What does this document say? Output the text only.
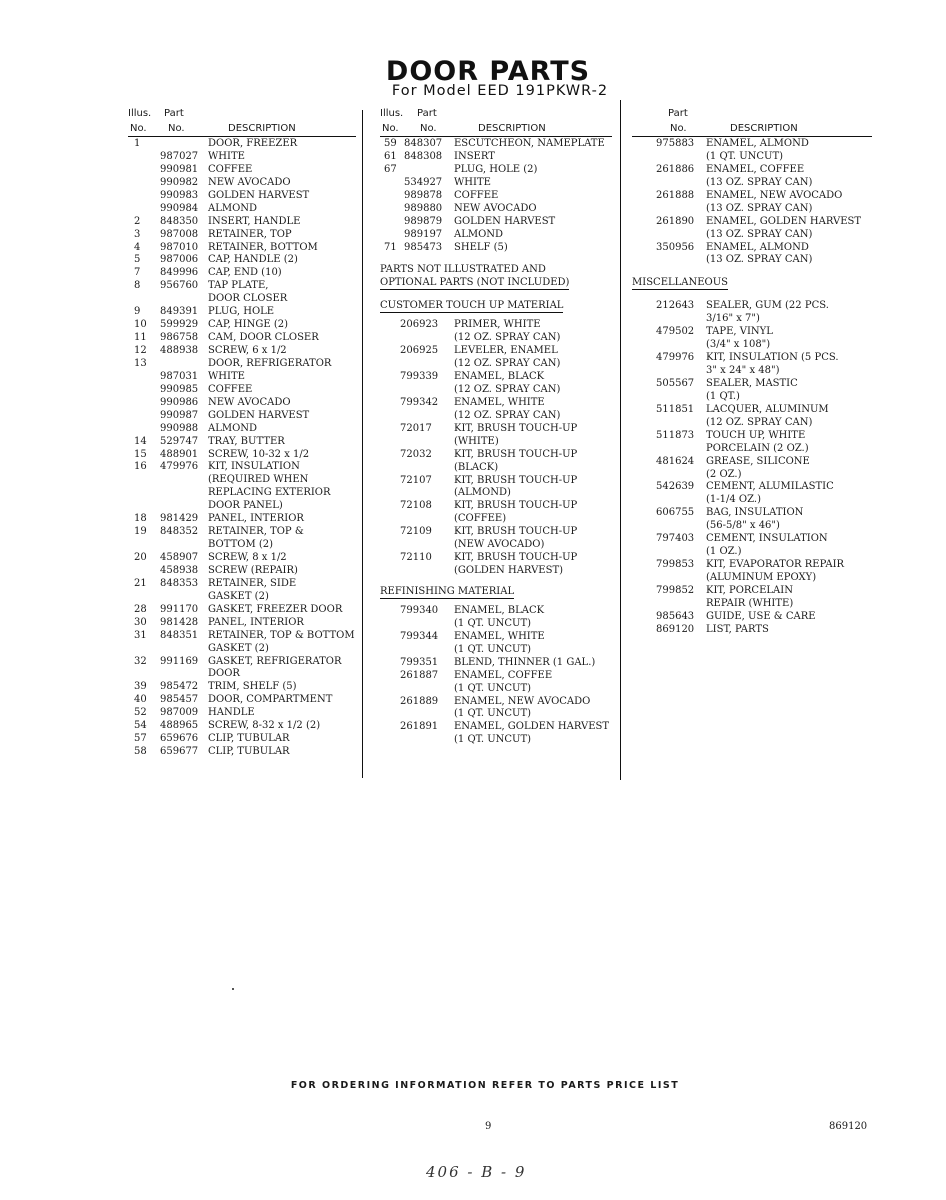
DOOR PARTS
For Model EED 191PKWR-2
Illus. Part
No. No.	DESCRIPTION
1	DOOR, FREEZER
987027 WHITE
990981 COFFEE
990982 NEW AVOCADO
990983 GOLDEN HARVEST
990984 ALMOND
2 848350 INSERT, HANDLE
3 987008 RETAINER, TOP
4 987010 RETAINER, BOTTOM
5 987006 CAP, HANDLE (2)
7 849996 CAP, END (10)
8 956760 TAP PLATE,
DOOR CLOSER
9 849391 PLUG, HOLE
10 599929 CAP, HINGE (2)
11 986758 CAM, DOOR CLOSER
12 488938 SCREW, 6 x 1/2
13	DOOR, REFRIGERATOR
987031 WHITE
990985 COFFEE
990986 NEW AVOCADO
990987 GOLDEN HARVEST
990988 ALMOND
14 529747 TRAY, BUTTER
15 488901 SCREW, 10-32 x 1/2
16 479976 KIT, INSULATION
(REQUIRED WHEN
REPLACING EXTERIOR
DOOR PANEL)
18 981429 PANEL, INTERIOR
19 848352 RETAINER, TOP &
BOTTOM (2)
20 458907 SCREW, 8 x 1/2
458938 SCREW (REPAIR)
21 848353 RETAINER, SIDE
GASKET (2)
28 991170 GASKET, FREEZER DOOR
30 981428 PANEL, INTERIOR
31 848351 RETAINER, TOP & BOTTOM
GASKET (2)
32 991169 GASKET, REFRIGERATOR
DOOR
39 985472 TRIM, SHELF (5)
40 985457 DOOR, COMPARTMENT
52 987009 HANDLE
54 488965 SCREW, 8-32 x 1/2 (2)
57 659676 CLIP, TUBULAR
58 659677 CLIP, TUBULAR
Illus. Part
No. No.	DESCRIPTION
59 848307 ESCUTCHEON, NAMEPLATE
61 848308 INSERT
67	PLUG, HOLE (2)
534927 WHITE
989878 COFFEE
989880 NEW AVOCADO
989879 GOLDEN HARVEST
989197 ALMOND
71 985473 SHELF (5)
PARTS NOT ILLUSTRATED AND
OPTIONAL PARTS (NOT INCLUDED)
CUSTOMER TOUCH UP MATERIAL
206923 PRIMER, WHITE
(12 OZ. SPRAY CAN)
206925 LEVELER, ENAMEL
(12 OZ. SPRAY CAN)
799339 ENAMEL, BLACK
(12 OZ. SPRAY CAN)
799342 ENAMEL, WHITE
(12 OZ. SPRAY CAN)
72017 KIT, BRUSH TOUCH-UP
(WHITE)
72032 KIT, BRUSH TOUCH-UP
(BLACK)
72107 KIT, BRUSH TOUCH-UP
(ALMOND)
72108 KIT, BRUSH TOUCH-UP
(COFFEE)
72109 KIT, BRUSH TOUCH-UP
(NEW AVOCADO)
72110 KIT, BRUSH TOUCH-UP
(GOLDEN HARVEST)
REFINISHING MATERIAL
799340 ENAMEL, BLACK
(1 QT. UNCUT)
799344 ENAMEL, WHITE
(1 QT. UNCUT)
799351 BLEND, THINNER (1 GAL.)
261887 ENAMEL, COFFEE
(1 QT. UNCUT)
261889 ENAMEL, NEW AVOCADO
(1 QT. UNCUT)
261891 ENAMEL, GOLDEN HARVEST
(1 QT. UNCUT)
Part
No.	DESCRIPTION
975883 ENAMEL, ALMOND
(1 QT. UNCUT)
261886 ENAMEL, COFFEE
(13 OZ. SPRAY CAN)
261888 ENAMEL, NEW AVOCADO
(13 OZ. SPRAY CAN)
261890 ENAMEL, GOLDEN HARVEST
(13 OZ. SPRAY CAN)
350956 ENAMEL, ALMOND
(13 OZ. SPRAY CAN)
MISCELLANEOUS
212643 SEALER, GUM (22 PCS.
3/16" x 7")
479502 TAPE, VINYL
(3/4" x 108")
479976 KIT, INSULATION (5 PCS.
3" x 24" x 48")
505567 SEALER, MASTIC
(1 QT.)
511851 LACQUER, ALUMINUM
(12 OZ. SPRAY CAN)
511873 TOUCH UP, WHITE
PORCELAIN (2 OZ.)
481624 GREASE, SILICONE
(2 OZ.)
542639 CEMENT, ALUMILASTIC
(1-1/4 OZ.)
606755 BAG, INSULATION
(56-5/8" x 46")
797403 CEMENT, INSULATION
(1 OZ.)
799853 KIT, EVAPORATOR REPAIR
(ALUMINUM EPOXY)
799852 KIT, PORCELAIN
REPAIR (WHITE)
985643 GUIDE, USE & CARE
869120 LIST, PARTS
FOR ORDERING INFORMATION REFER TO PARTS PRICE LIST
9	869120
406 - B - 9
